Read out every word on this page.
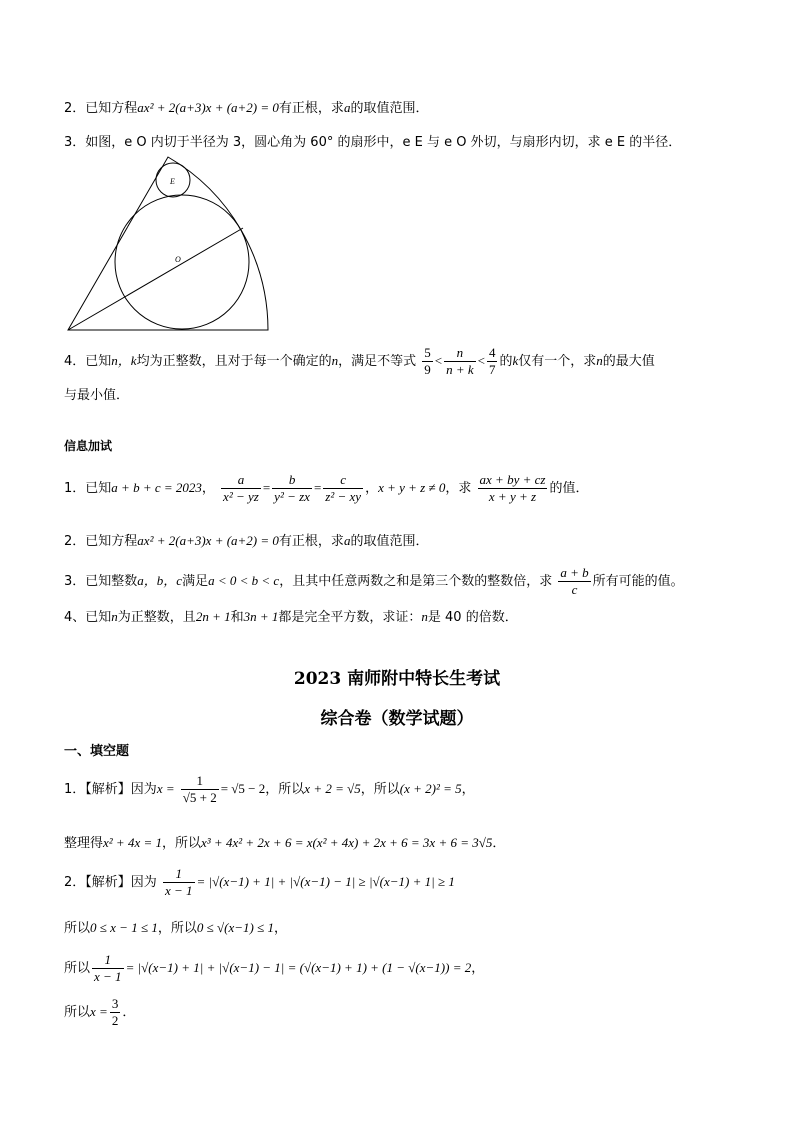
2．已知方程ax² + 2(a+3)x + (a+2) = 0有正根，求a的取值范围．
3．如图，e O 内切于半径为 3，圆心角为 60° 的扇形中，e E 与 e O 外切，与扇形内切，求 e E 的半径．
E
O
4．已知n，k均为正整数，且对于每一个确定的n，满足不等式 $\frac{5}{9} < \frac{n}{n + k} < \frac{4}{7}$ 的k仅有一个，求n的最大值
与最小值．
信息加试
1．已知a + b + c = 2023， $\frac{a}{\text{x² − yz}} = \frac{b}{\text{y² − zx}} = \frac{c}{\text{z² − xy}}$ ，x + y + z ≠ 0，求 $\frac{ax + by + cz}{x + y + z}$ 的值．
2．已知方程ax² + 2(a+3)x + (a+2) = 0有正根，求a的取值范围．
3．已知整数a，b，c满足a < 0 < b < c，且其中任意两数之和是第三个数的整数倍，求 $\frac{a + b}{c}$ 所有可能的值。
4、已知n为正整数，且2n + 1和3n + 1都是完全平方数，求证：n是 40 的倍数．
2023 南师附中特长生考试
综合卷（数学试题）
一、填空题
1．【解析】因为$x = \frac{1}{√5 + 2} = √5 - 2$，所以x + 2 = √5，所以(x + 2)² = 5，
整理得x² + 4x = 1，所以x³ + 4x² + 2x + 6 = x(x² + 4x) + 2x + 6 = 3x + 6 = 3√5．
2．【解析】因为 $\frac{1}{x - 1} = |√(x-1) + 1| + |√(x-1) - 1| \ge |√(x-1) + 1| \ge 1$
所以0 ≤ x − 1 ≤ 1，所以0 ≤ √(x−1) ≤ 1，
所以 $\frac{1}{x - 1} = |√(x-1) + 1| + |√(x-1) - 1| = (√(x-1) + 1) + (1 - √(x-1)) = 2$，
所以$x = \frac{3}{2}$ ．
